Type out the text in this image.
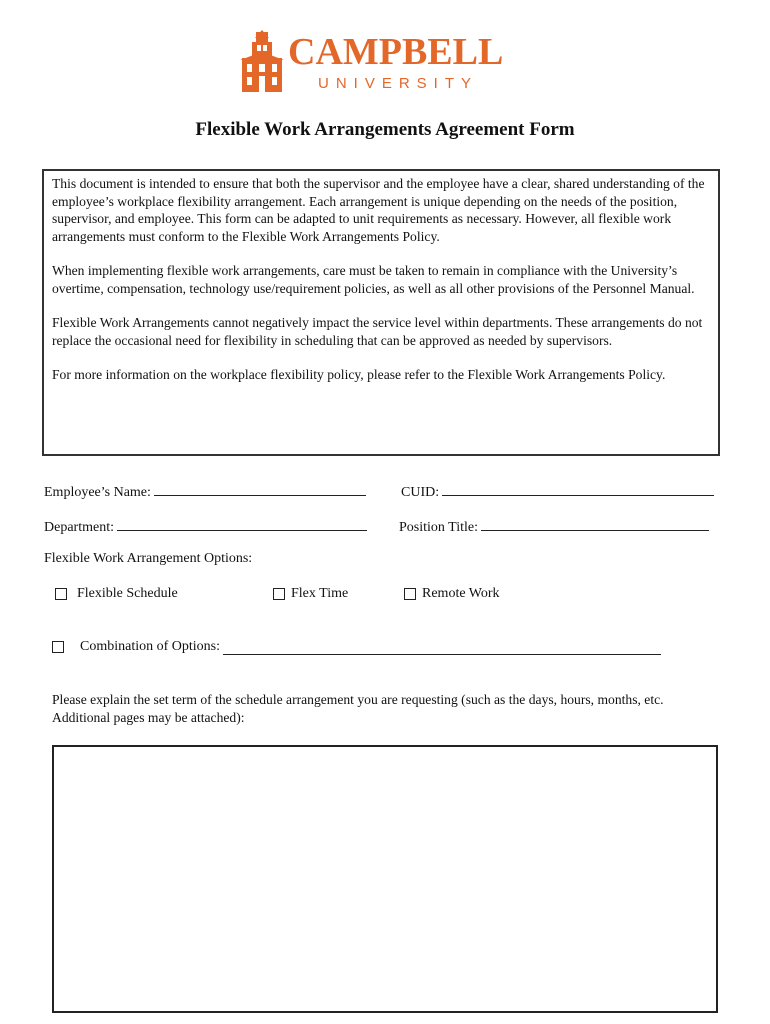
CAMPBELL
UNIVERSITY
Flexible Work Arrangements Agreement Form

This document is intended to ensure that both the supervisor and the employee have a clear, shared understanding of the employee’s workplace flexibility arrangement. Each arrangement is unique depending on the needs of the position, supervisor, and employee. This form can be adapted to unit requirements as necessary. However, all flexible work arrangements must conform to the Flexible Work Arrangements Policy.

When implementing flexible work arrangements, care must be taken to remain in compliance with the University’s overtime, compensation, technology use/requirement policies, as well as all other provisions of the Personnel Manual.

Flexible Work Arrangements cannot negatively impact the service level within departments. These arrangements do not replace the occasional need for flexibility in scheduling that can be approved as needed by supervisors.

For more information on the workplace flexibility policy, please refer to the Flexible Work Arrangements Policy.

Employee’s Name:	CUID:
Department:	Position Title:
Flexible Work Arrangement Options:
Flexible Schedule	Flex Time	Remote Work
Combination of Options:
Please explain the set term of the schedule arrangement you are requesting (such as the days, hours, months, etc. Additional pages may be attached):
